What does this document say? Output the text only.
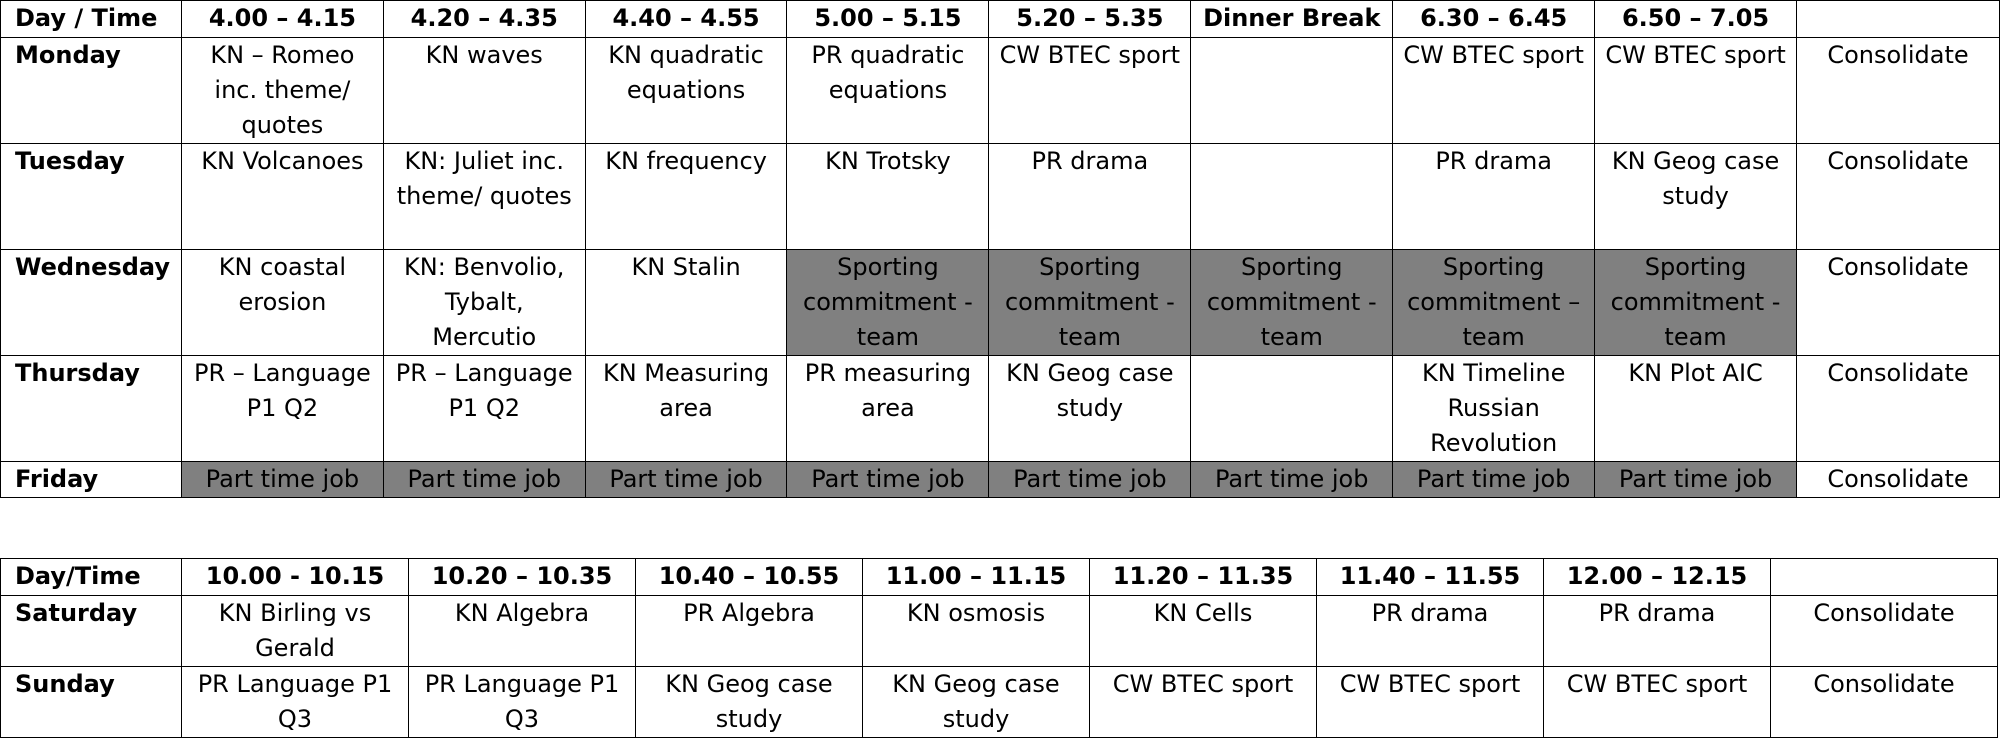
Day / Time	4.00 – 4.15	4.20 – 4.35	4.40 – 4.55	5.00 – 5.15	5.20 – 5.35	Dinner Break	6.30 – 6.45	6.50 – 7.05	
Monday	KN – Romeo inc. theme/ quotes	KN waves	KN quadratic equations	PR quadratic equations	CW BTEC sport		CW BTEC sport	CW BTEC sport	Consolidate
Tuesday	KN Volcanoes	KN: Juliet inc. theme/ quotes	KN frequency	KN Trotsky	PR drama		PR drama	KN Geog case study	Consolidate
Wednesday	KN coastal erosion	KN: Benvolio, Tybalt, Mercutio	KN Stalin	Sporting commitment - team	Sporting commitment - team	Sporting commitment - team	Sporting commitment – team	Sporting commitment - team	Consolidate
Thursday	PR – Language P1 Q2	PR – Language P1 Q2	KN Measuring area	PR measuring area	KN Geog case study		KN Timeline Russian Revolution	KN Plot AIC	Consolidate
Friday	Part time job	Part time job	Part time job	Part time job	Part time job	Part time job	Part time job	Part time job	Consolidate
Day/Time	10.00 - 10.15	10.20 – 10.35	10.40 – 10.55	11.00 – 11.15	11.20 – 11.35	11.40 – 11.55	12.00 – 12.15	
Saturday	KN Birling vs Gerald	KN Algebra	PR Algebra	KN osmosis	KN Cells	PR drama	PR drama	Consolidate
Sunday	PR Language P1 Q3	PR Language P1 Q3	KN Geog case study	KN Geog case study	CW BTEC sport	CW BTEC sport	CW BTEC sport	Consolidate
